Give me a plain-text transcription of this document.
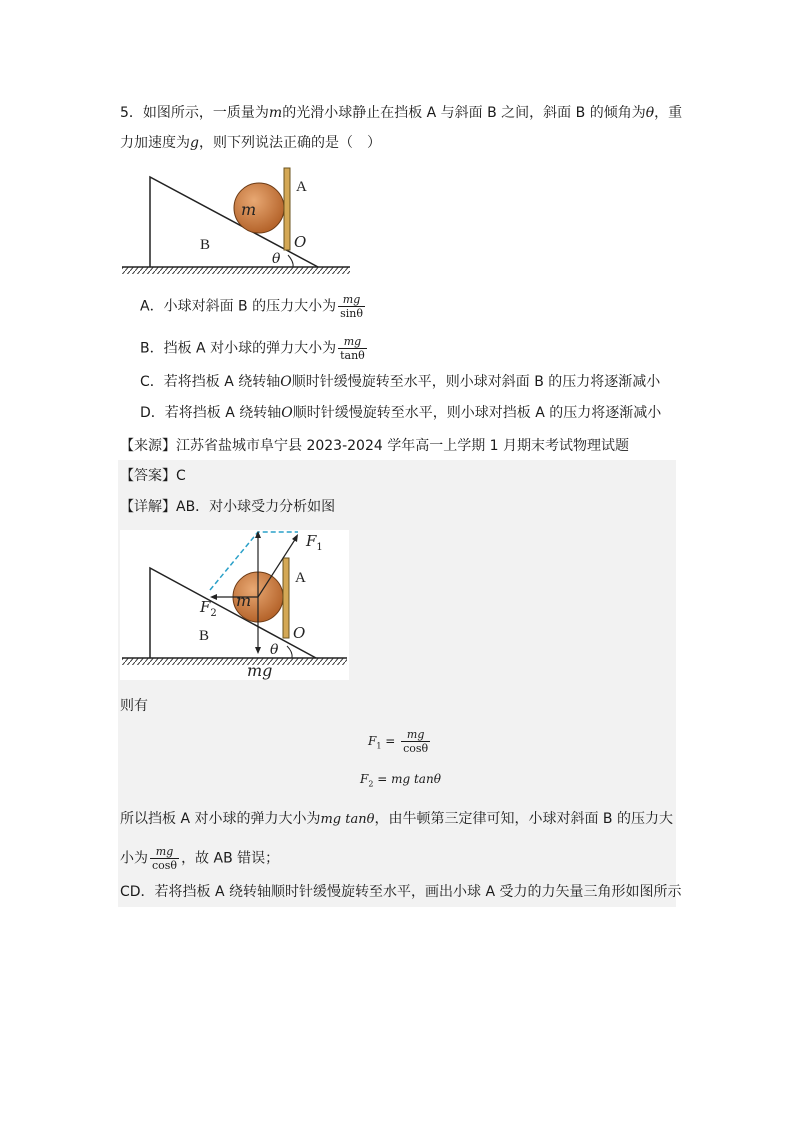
5．如图所示，一质量为m的光滑小球静止在挡板 A 与斜面 B 之间，斜面 B 的倾角为θ，重
力加速度为g，则下列说法正确的是（　）
m
A
B	O
θ
A．小球对斜面 B 的压力大小为 $\frac{mg}{\sin\theta}$
B．挡板 A 对小球的弹力大小为 $\frac{mg}{\tan\theta}$
C．若将挡板 A 绕转轴O顺时针缓慢旋转至水平，则小球对斜面 B 的压力将逐渐减小
D．若将挡板 A 绕转轴O顺时针缓慢旋转至水平，则小球对挡板 A 的压力将逐渐减小
【来源】江苏省盐城市阜宁县 2023-2024 学年高一上学期 1 月期末考试物理试题
【答案】C
【详解】AB．对小球受力分析如图
$F_1$
$F_2$
m
A
B	O
θ
mg
则有
$F_1 = \frac{mg}{\cos\theta}$
$F_2$ = mg tanθ
所以挡板 A 对小球的弹力大小为mg tanθ，由牛顿第三定律可知，小球对斜面 B 的压力大
小为 $\frac{mg}{\cos\theta}$ ，故 AB 错误；
CD．若将挡板 A 绕转轴顺时针缓慢旋转至水平，画出小球 A 受力的力矢量三角形如图所示
